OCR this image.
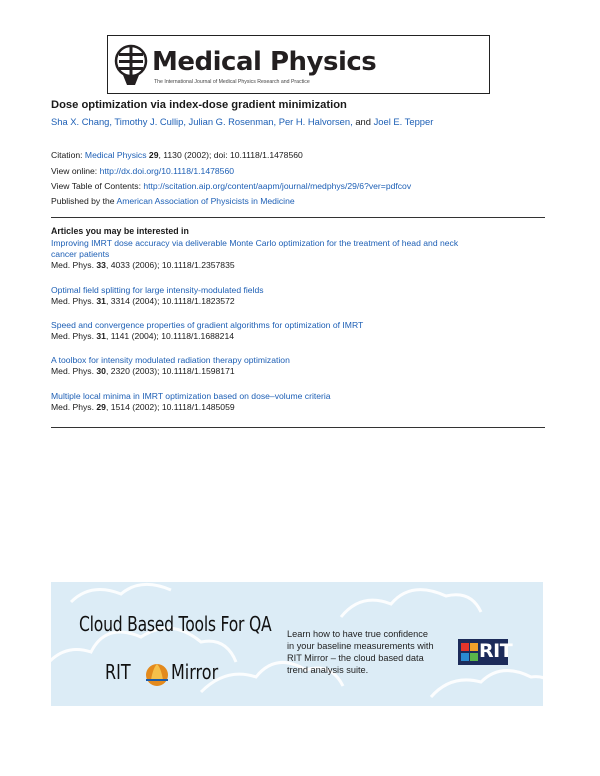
Medical Physics
The International Journal of Medical Physics Research and Practice
Dose optimization via index-dose gradient minimization
Sha X. Chang, Timothy J. Cullip, Julian G. Rosenman, Per H. Halvorsen, and Joel E. Tepper
Citation: Medical Physics 29, 1130 (2002); doi: 10.1118/1.1478560
View online: http://dx.doi.org/10.1118/1.1478560
View Table of Contents: http://scitation.aip.org/content/aapm/journal/medphys/29/6?ver=pdfcov
Published by the American Association of Physicists in Medicine
Articles you may be interested in
Improving IMRT dose accuracy via deliverable Monte Carlo optimization for the treatment of head and neck
cancer patients
Med. Phys. 33, 4033 (2006); 10.1118/1.2357835
Optimal field splitting for large intensity-modulated fields
Med. Phys. 31, 3314 (2004); 10.1118/1.1823572
Speed and convergence properties of gradient algorithms for optimization of IMRT
Med. Phys. 31, 1141 (2004); 10.1118/1.1688214
A toolbox for intensity modulated radiation therapy optimization
Med. Phys. 30, 2320 (2003); 10.1118/1.1598171
Multiple local minima in IMRT optimization based on dose–volume criteria
Med. Phys. 29, 1514 (2002); 10.1118/1.1485059
Cloud Based Tools For QA Learn how to have true confidence in your baseline measurements with RIT Mirror – the cloud based data trend analysis suite.
RIT Mirror
RIT
